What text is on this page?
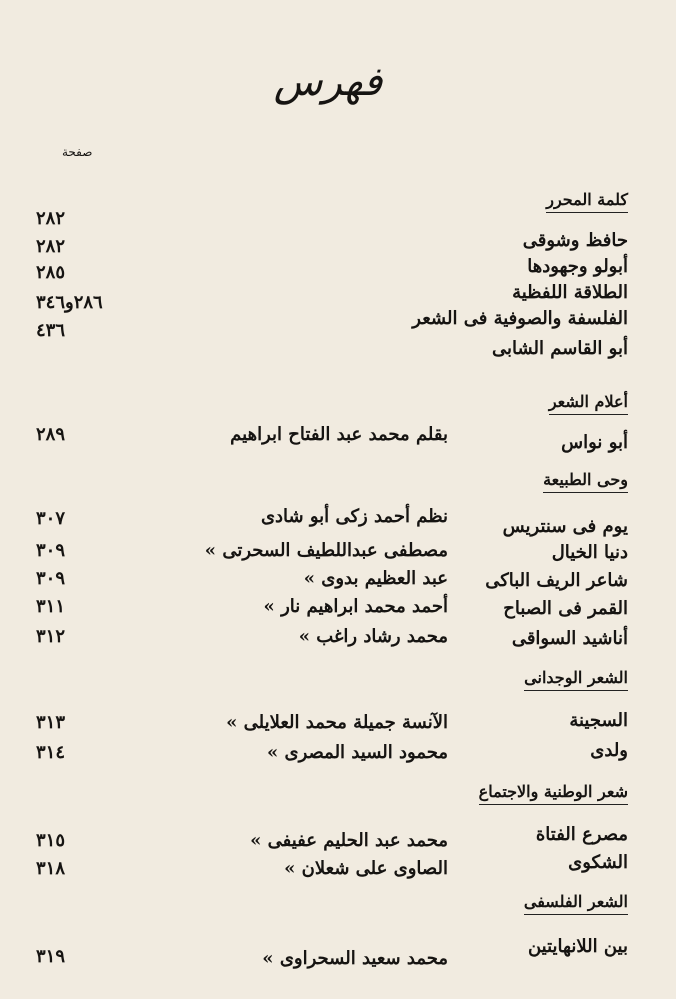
فهرس
صفحة
كلمة المحرر
حافظ وشوقى
٢٨٢
أبولو وجهودها
٢٨٢
الطلاقة اللفظية
٢٨٥
الفلسفة والصوفية فى الشعر
٢٨٦و٣٤٦
أبو القاسم الشابى
٤٣٦
أعلام الشعر
أبو نواس
بقلم محمد عبد الفتاح ابراهيم
٢٨٩
وحى الطبيعة
يوم فى سنتريس
نظم أحمد زكى أبو شادى
٣٠٧
دنيا الخيال
« مصطفى عبداللطيف السحرتى
٣٠٩
شاعر الريف الباكى
« عبد العظيم بدوى
٣٠٩
القمر فى الصباح
« أحمد محمد ابراهيم نار
٣١١
أناشيد السواقى
« محمد رشاد راغب
٣١٢
الشعر الوجدانى
السجينة
« الآنسة جميلة محمد العلايلى
٣١٣
ولدى
« محمود السيد المصرى
٣١٤
شعر الوطنية والاجتماع
مصرع الفتاة
« محمد عبد الحليم عفيفى
٣١٥
الشكوى
« الصاوى على شعلان
٣١٨
الشعر الفلسفى
بين اللانهايتين
« محمد سعيد السحراوى
٣١٩
